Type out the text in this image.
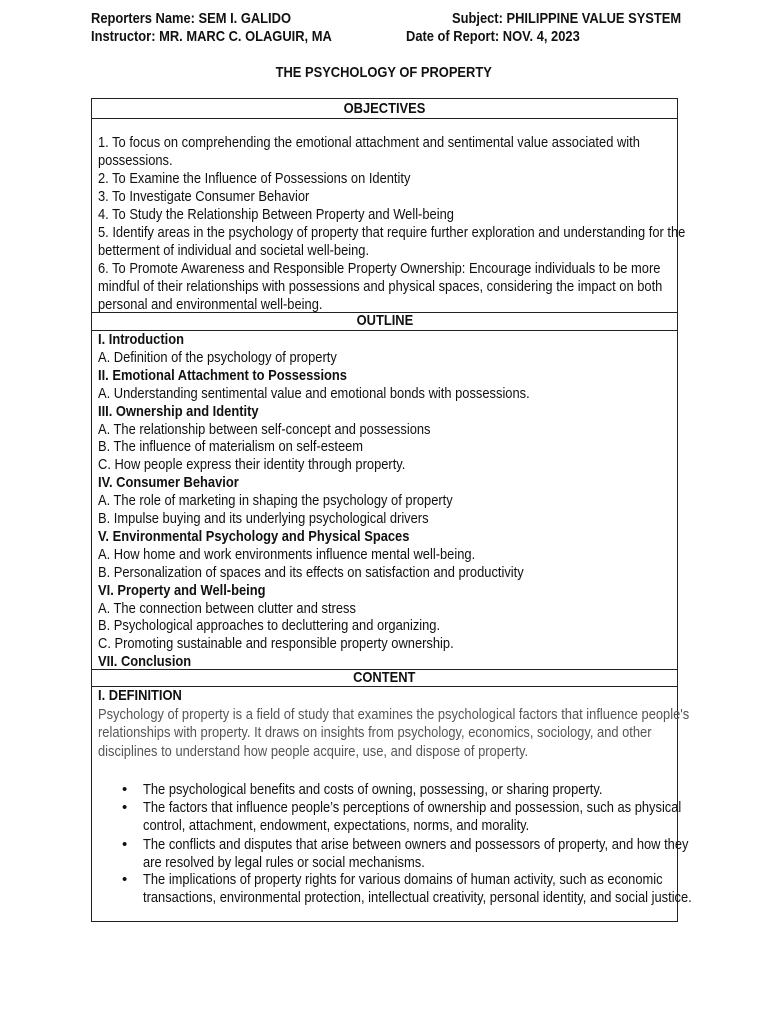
Reporters Name: SEM I. GALIDO
Instructor: MR. MARC C. OLAGUIR, MA
Subject: PHILIPPINE VALUE SYSTEM
Date of Report: NOV. 4, 2023
THE PSYCHOLOGY OF PROPERTY
OBJECTIVES
1. To focus on comprehending the emotional attachment and sentimental value associated with
possessions.
2. To Examine the Influence of Possessions on Identity
3. To Investigate Consumer Behavior
4. To Study the Relationship Between Property and Well-being
5. Identify areas in the psychology of property that require further exploration and understanding for the
betterment of individual and societal well-being.
6. To Promote Awareness and Responsible Property Ownership: Encourage individuals to be more
mindful of their relationships with possessions and physical spaces, considering the impact on both
personal and environmental well-being.
OUTLINE
I. Introduction
A. Definition of the psychology of property
II. Emotional Attachment to Possessions
A. Understanding sentimental value and emotional bonds with possessions.
III. Ownership and Identity
A. The relationship between self-concept and possessions
B. The influence of materialism on self-esteem
C. How people express their identity through property.
IV. Consumer Behavior
A. The role of marketing in shaping the psychology of property
B. Impulse buying and its underlying psychological drivers
V. Environmental Psychology and Physical Spaces
A. How home and work environments influence mental well-being.
B. Personalization of spaces and its effects on satisfaction and productivity
VI. Property and Well-being
A. The connection between clutter and stress
B. Psychological approaches to decluttering and organizing.
C. Promoting sustainable and responsible property ownership.
VII. Conclusion
CONTENT
I. DEFINITION
Psychology of property is a field of study that examines the psychological factors that influence people's
relationships with property. It draws on insights from psychology, economics, sociology, and other
disciplines to understand how people acquire, use, and dispose of property.
• The psychological benefits and costs of owning, possessing, or sharing property.
• The factors that influence people’s perceptions of ownership and possession, such as physical
control, attachment, endowment, expectations, norms, and morality.
• The conflicts and disputes that arise between owners and possessors of property, and how they
are resolved by legal rules or social mechanisms.
• The implications of property rights for various domains of human activity, such as economic
transactions, environmental protection, intellectual creativity, personal identity, and social justice.
